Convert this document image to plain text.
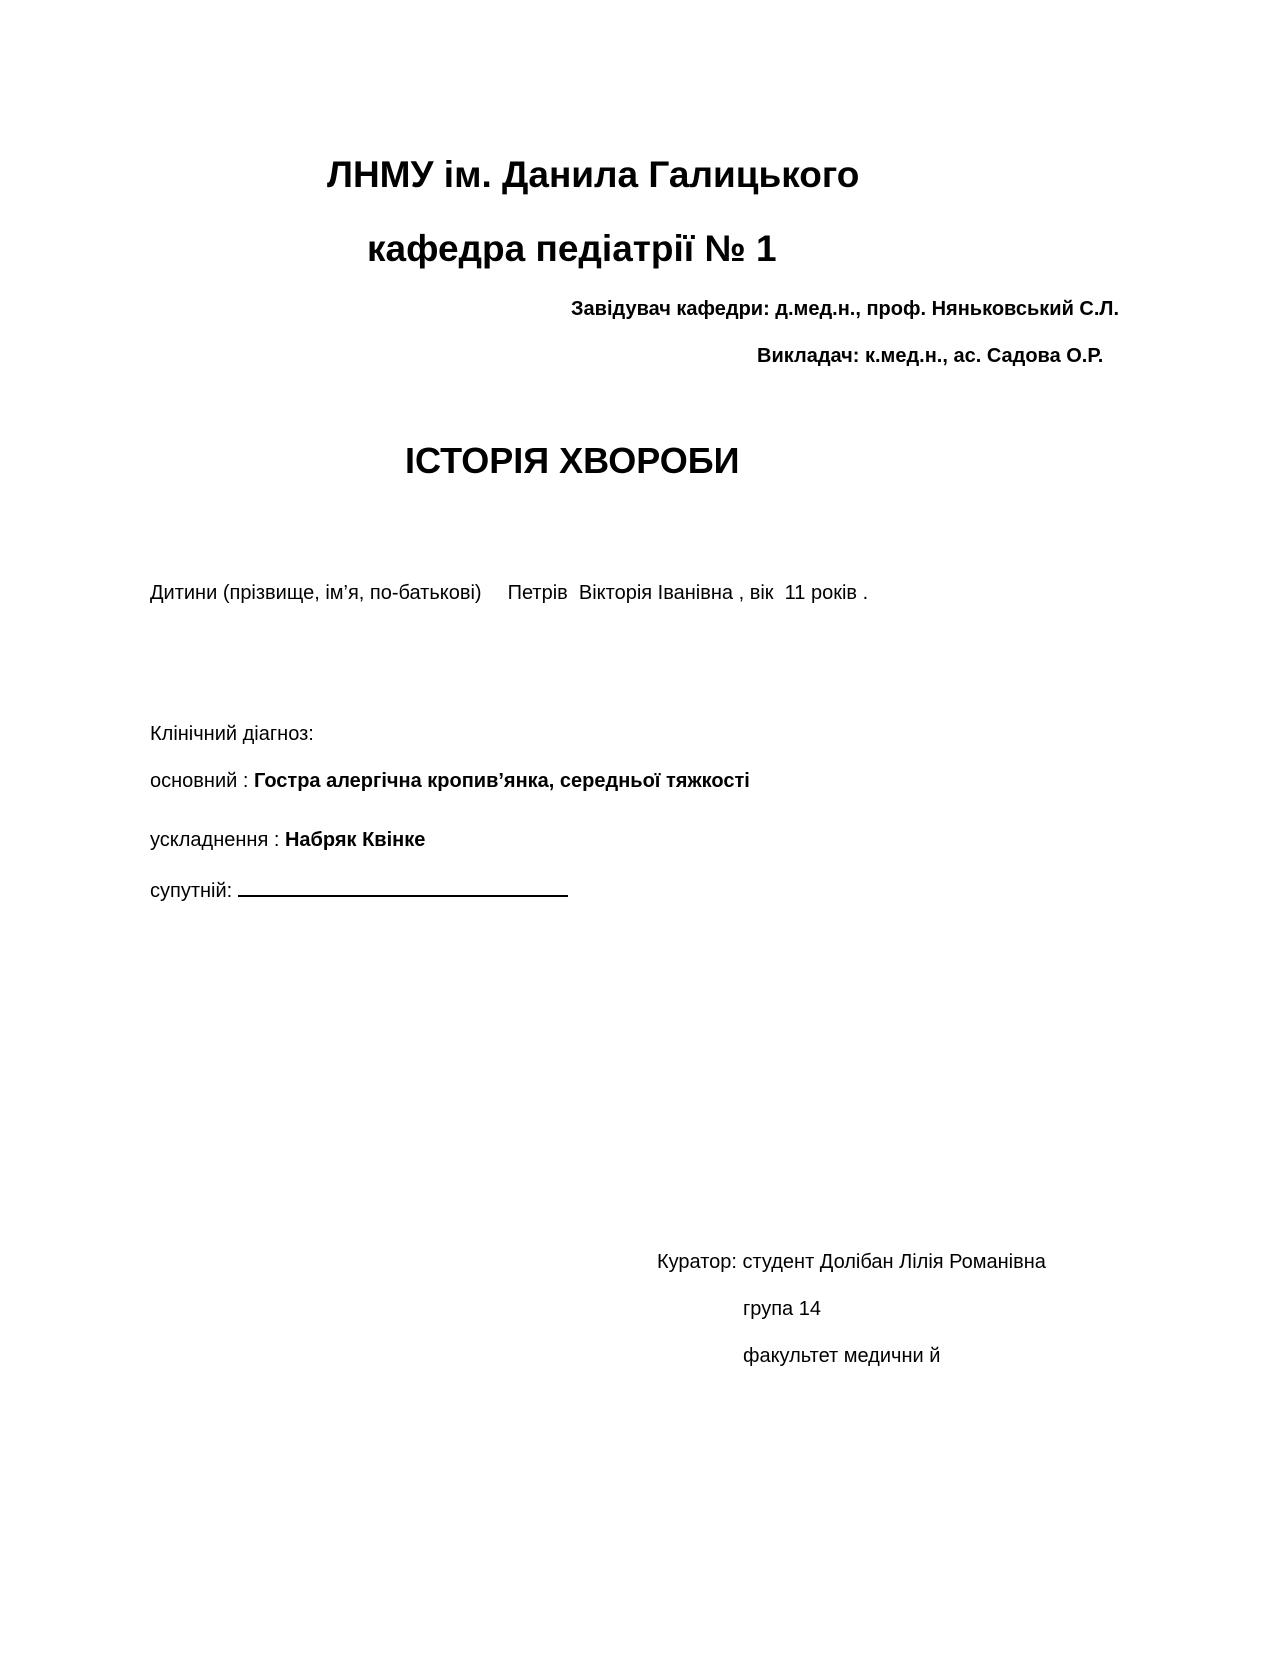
ЛНМУ ім. Данила Галицького
кафедра педіатрії № 1
Завідувач кафедри: д.мед.н., проф. Няньковський С.Л.
Викладач: к.мед.н., ас. Садова О.Р.
ІСТОРІЯ ХВОРОБИ
Дитини (прізвище, ім’я, по-батькові) Петрів  Вікторія Іванівна , вік  11 років .
Клінічний діагноз:
основний : Гостра алергічна кропив’янка, середньої тяжкості
ускладнення : Набряк Квінке
супутній:
Куратор: студент Долібан Лілія Романівна
група 14
факультет медични й
